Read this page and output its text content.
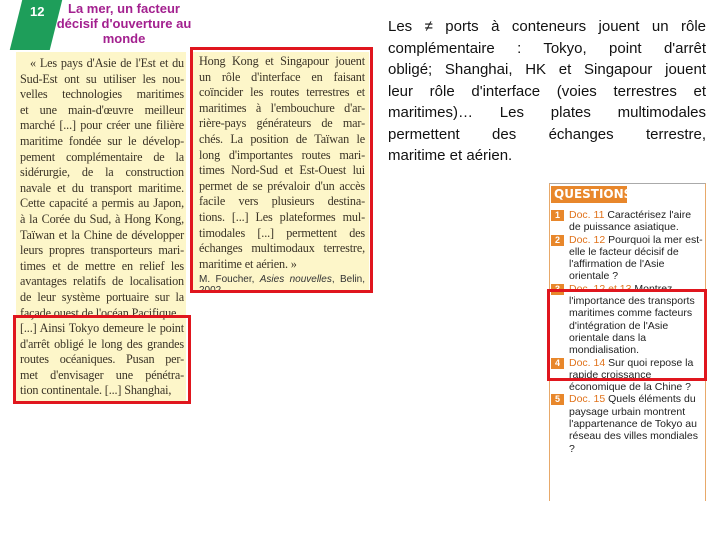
12	La mer, un facteur décisif d'ouverture au monde
« Les pays d'Asie de l'Est et du
Sud-Est ont su utiliser les nou-
velles technologies maritimes
et une main-d'œuvre meilleur
marché [...] pour créer une filière
maritime fondée sur le dévelop-
pement complémentaire de la
sidérurgie, de la construction
navale et du transport maritime.
Cette capacité a permis au Japon,
à la Corée du Sud, à Hong Kong,
Taïwan et la Chine de développer
leurs propres transporteurs mari-
times et de mettre en relief les
avantages relatifs de localisation
de leur système portuaire sur la
façade ouest de l'océan Pacifique.
[...] Ainsi Tokyo demeure le point
d'arrêt obligé le long des grandes
routes océaniques. Pusan per-
met d'envisager une pénétra-
tion continentale. [...] Shanghai,
Hong Kong et Singapour jouent
un rôle d'interface en faisant
coïncider les routes terrestres et
maritimes à l'embouchure d'ar-
rière-pays générateurs de mar-
chés. La position de Taïwan le
long d'importantes routes mari-
times Nord-Sud et Est-Ouest lui
permet de se prévaloir d'un accès
facile vers plusieurs destina-
tions. [...] Les plateformes mul-
timodales [...] permettent des
échanges multimodaux terrestre,
maritime et aérien. »
M. Foucher, Asies nouvelles, Belin, 2002.
Les ≠ ports à conteneurs jouent un rôle
complémentaire : Tokyo, point d'arrêt
obligé; Shanghai, HK et Singapour jouent
leur rôle d'interface (voies terrestres et
maritimes)… Les plates multimodales
permettent des échanges terrestre,
maritime et aérien.
QUESTIONS
1 Doc. 11 Caractérisez l'aire de puissance asiatique.
2 Doc. 12 Pourquoi la mer est-elle le facteur décisif de l'affirmation de l'Asie orientale ?
3 Doc. 12 et 13 Montrez l'importance des transports maritimes comme facteurs d'intégration de l'Asie orientale dans la mondialisation.
4 Doc. 14 Sur quoi repose la rapide croissance économique de la Chine ?
5 Doc. 15 Quels éléments du paysage urbain montrent l'appartenance de Tokyo au réseau des villes mondiales ?
